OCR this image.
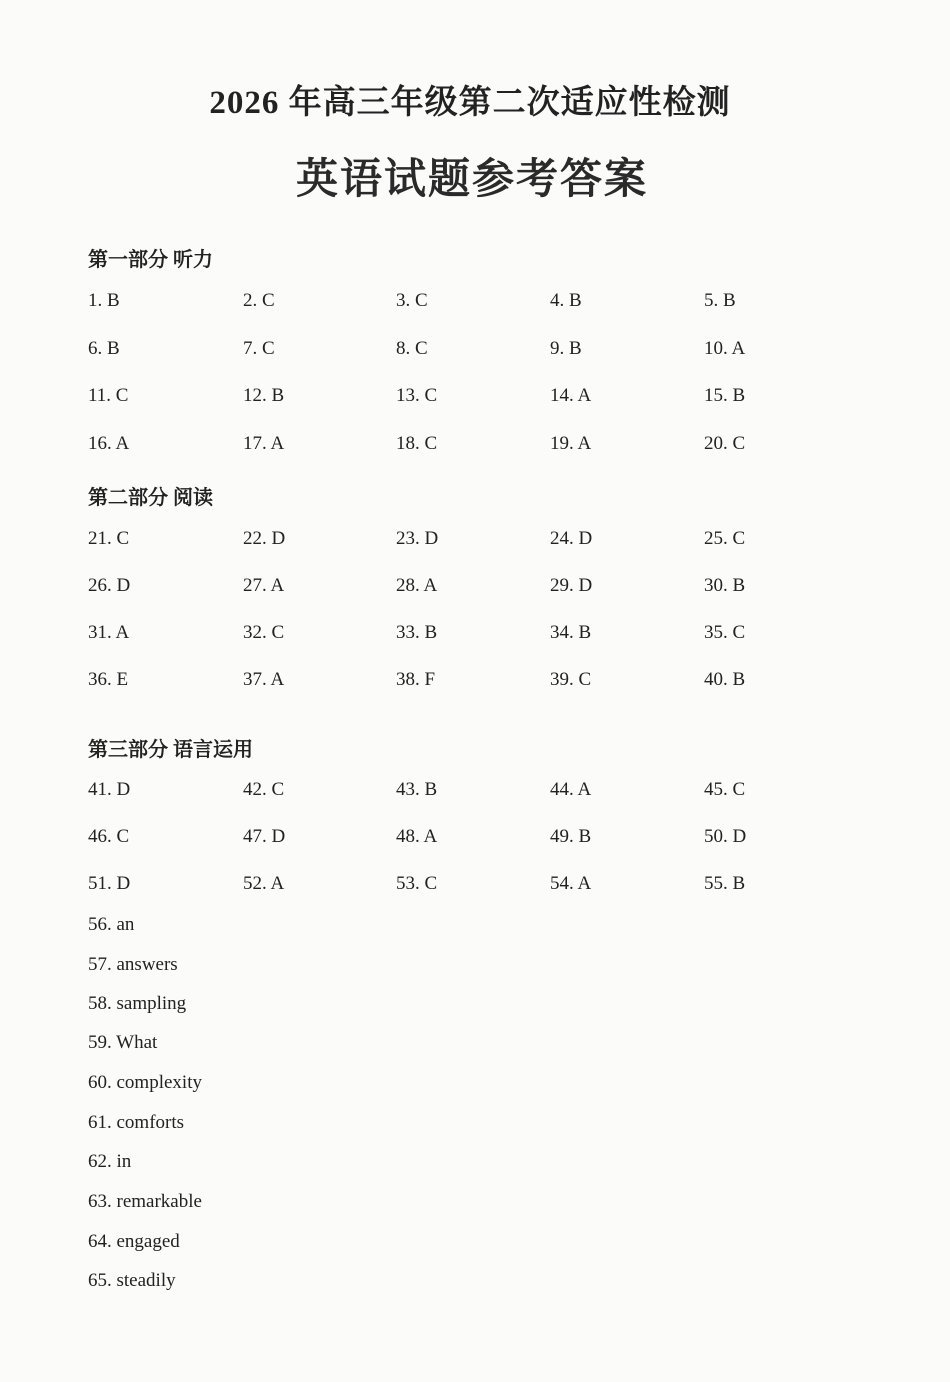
2026 年高三年级第二次适应性检测
英语试题参考答案
第一部分 听力
1. B	2. C	3. C	4. B	5. B
6. B	7. C	8. C	9. B	10. A
11. C	12. B	13. C	14. A	15. B
16. A	17. A	18. C	19. A	20. C
第二部分 阅读
21. C	22. D	23. D	24. D	25. C
26. D	27. A	28. A	29. D	30. B
31. A	32. C	33. B	34. B	35. C
36. E	37. A	38. F	39. C	40. B
第三部分 语言运用
41. D	42. C	43. B	44. A	45. C
46. C	47. D	48. A	49. B	50. D
51. D	52. A	53. C	54. A	55. B
56. an
57. answers
58. sampling
59. What
60. complexity
61. comforts
62. in
63. remarkable
64. engaged
65. steadily
